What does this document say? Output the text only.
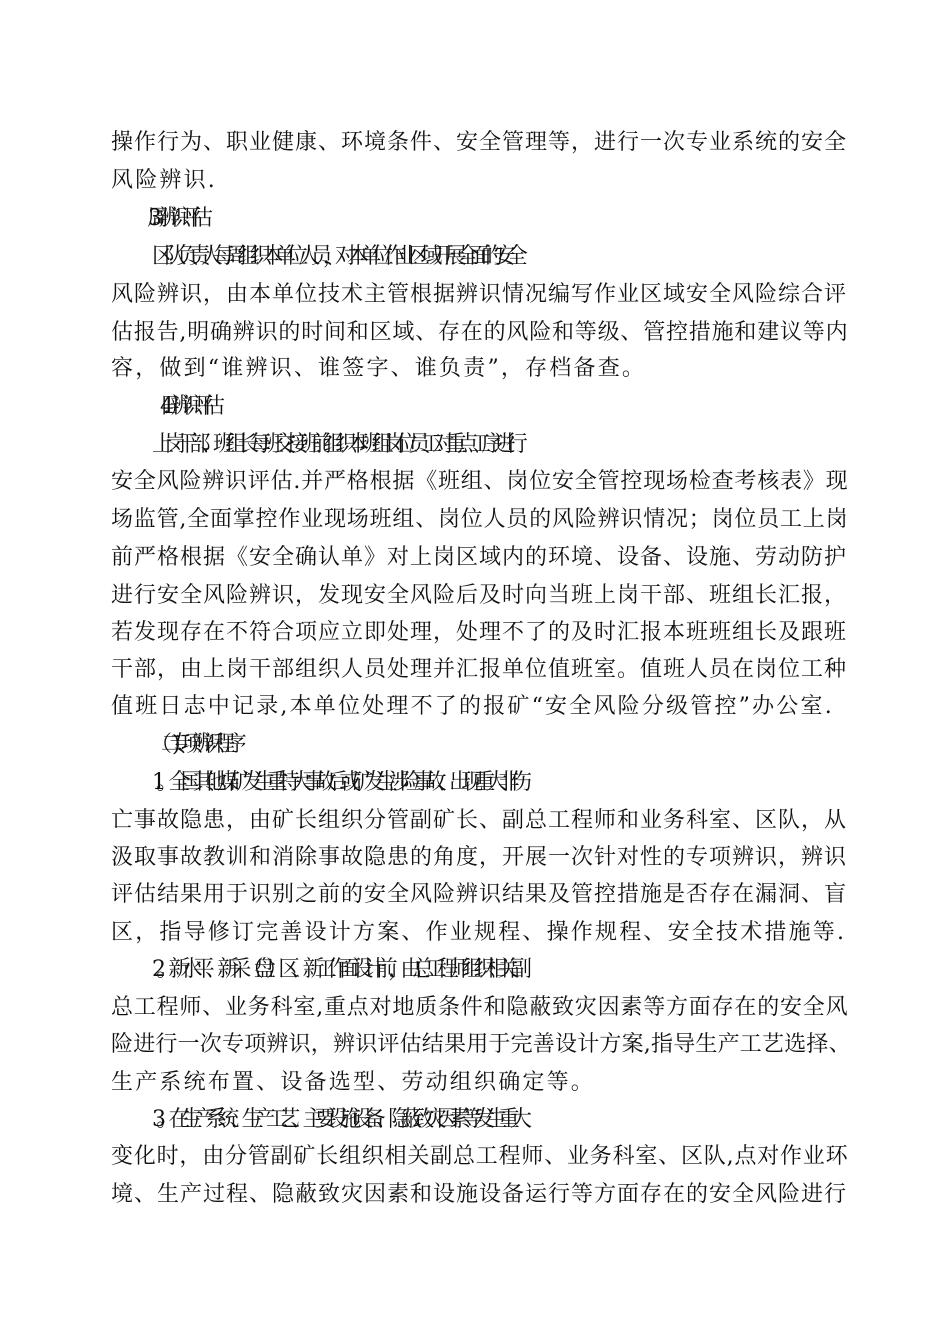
操作行为、职业健康、环境条件、安全管理等，进行一次专业系统的安全
风险辨识.
3.周辨识评估
区队负责人每周组织本单位人员，对本单位作业区域开展全面的安全
风险辨识，由本单位技术主管根据辨识情况编写作业区域安全风险综合评
估报告,明确辨识的时间和区域、存在的风险和等级、管控措施和建议等内
容，做到“谁辨识、谁签字、谁负责”，存档备查。
4.日辨识评估
上岗干部、班组长每班交接班前组织本班组岗位员工对重点工序进行
安全风险辨识评估.并严格根据《班组、岗位安全管控现场检查考核表》现
场监管,全面掌控作业现场班组、岗位人员的风险辨识情况；岗位员工上岗
前严格根据《安全确认单》对上岗区域内的环境、设备、设施、劳动防护
进行安全风险辨识，发现安全风险后及时向当班上岗干部、班组长汇报，
若发现存在不符合项应立即处理，处理不了的及时汇报本班班组长及跟班
干部，由上岗干部组织人员处理并汇报单位值班室。值班人员在岗位工种
值班日志中记录,本单位处理不了的报矿“安全风险分级管控”办公室.
（二)专项辨识程序
1。全国其他煤矿发生重特大事故后或矿发生涉险事故、出现重大非伤
亡事故隐患，由矿长组织分管副矿长、副总工程师和业务科室、区队，从
汲取事故教训和消除事故隐患的角度，开展一次针对性的专项辨识，辨识
评估结果用于识别之前的安全风险辨识结果及管控措施是否存在漏洞、盲
区，指导修订完善设计方案、作业规程、操作规程、安全技术措施等.
2。新水平、新采（盘）区、新工作面设计前，由总工程师组织相关副
总工程师、业务科室,重点对地质条件和隐蔽致灾因素等方面存在的安全风
险进行一次专项辨识，辨识评估结果用于完善设计方案,指导生产工艺选择、
生产系统布置、设备选型、劳动组织确定等。
3。在生产系统、生产工艺、主要设施设备、隐蔽致灾因素等发生重大
变化时，由分管副矿长组织相关副总工程师、业务科室、区队,点对作业环
境、生产过程、隐蔽致灾因素和设施设备运行等方面存在的安全风险进行
